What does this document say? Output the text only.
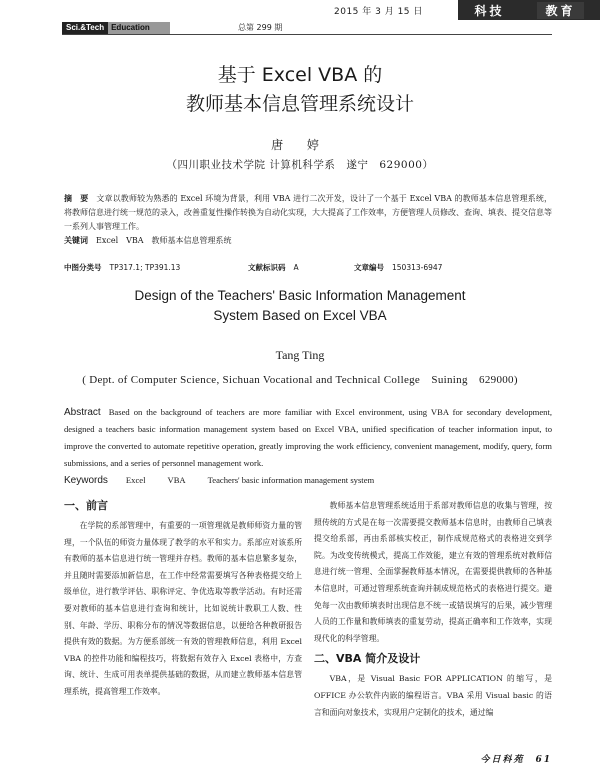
2015 年 3 月 15 日	科技	教育
Sci.&Tech Education	总第 299 期
基于 Excel VBA 的
教师基本信息管理系统设计
唐 婷
（四川职业技术学院 计算机科学系　遂宁　629000）
摘　要 文章以教师较为熟悉的 Excel 环境为背景，利用 VBA 进行二次开发，设计了一个基于 Excel VBA 的教师基本信息管理系统，将教师信息进行统一规范的录入，改善重复性操作转换为自动化实现，大大提高了工作效率，方便管理人员修改、查询、填表、提交信息等一系列人事管理工作。
关键词 Excel　VBA　教师基本信息管理系统
中图分类号 TP317.1; TP391.13	文献标识码 A	文章编号 150313-6947
Design of the Teachers' Basic Information Management
System Based on Excel VBA
Tang Ting
( Dept. of Computer Science, Sichuan Vocational and Technical College　Suining　629000)
Abstract Based on the background of teachers are more familiar with Excel environment, using VBA for secondary development, designed a teachers basic information management system based on Excel VBA, unified specification of teacher information input, to improve the converted to automate repetitive operation, greatly improving the work efficiency, convenient management, modify, query, form submissions, and a series of personnel management work.
Keywords Excel	VBA	Teachers' basic information management system
一、前言

在学院的系部管理中，有重要的一项管理就是教师师资力量的管理，一个队伍的师资力量体现了教学的水平和实力。系部应对该系所有教师的基本信息进行统一管理并存档。教师的基本信息繁多复杂，并且随时需要添加新信息，在工作中经常需要填写各种表格提交给上级单位，进行教学评估、职称评定、争优选取等教学活动。有时还需要对教师的基本信息进行查询和统计，比如说统计教职工人数、性别、年龄、学历、职称分布的情况等数据信息，以便给各种教研报告提供有效的数据。为方便系部统一有效的管理教师信息，利用 Excel VBA 的控件功能和编程技巧，将数据有效存入 Excel 表格中，方查询、统计、生成可用表单提供基础的数据，从而建立教师基本信息管理系统，提高管理工作效率。

教师基本信息管理系统适用于系部对教师信息的收集与管理，按照传统的方式是在每一次需要提交教师基本信息时，由教师自己填表提交给系部，再由系部核实校正，制作成规范格式的表格进交到学院。为改变传统模式，提高工作效能，建立有效的管理系统对教师信息进行统一管理、全面掌握教师基本情况，在需要提供教师的各种基本信息时，可通过管理系统查询并制成规范格式的表格进行提交。避免每一次由教师填表时出现信息不统一或错误填写的后果，减少管理人员的工作量和教师填表的重复劳动，提高正确率和工作效率，实现现代化的科学管理。

二、VBA 简介及设计

VBA，是 Visual Basic FOR APPLICATION 的缩写，是 OFFICE 办公软件内嵌的编程语言。VBA 采用 Visual basic 的语言和面向对象技术，实现用户定制化的技术，通过编

今日科苑　61
